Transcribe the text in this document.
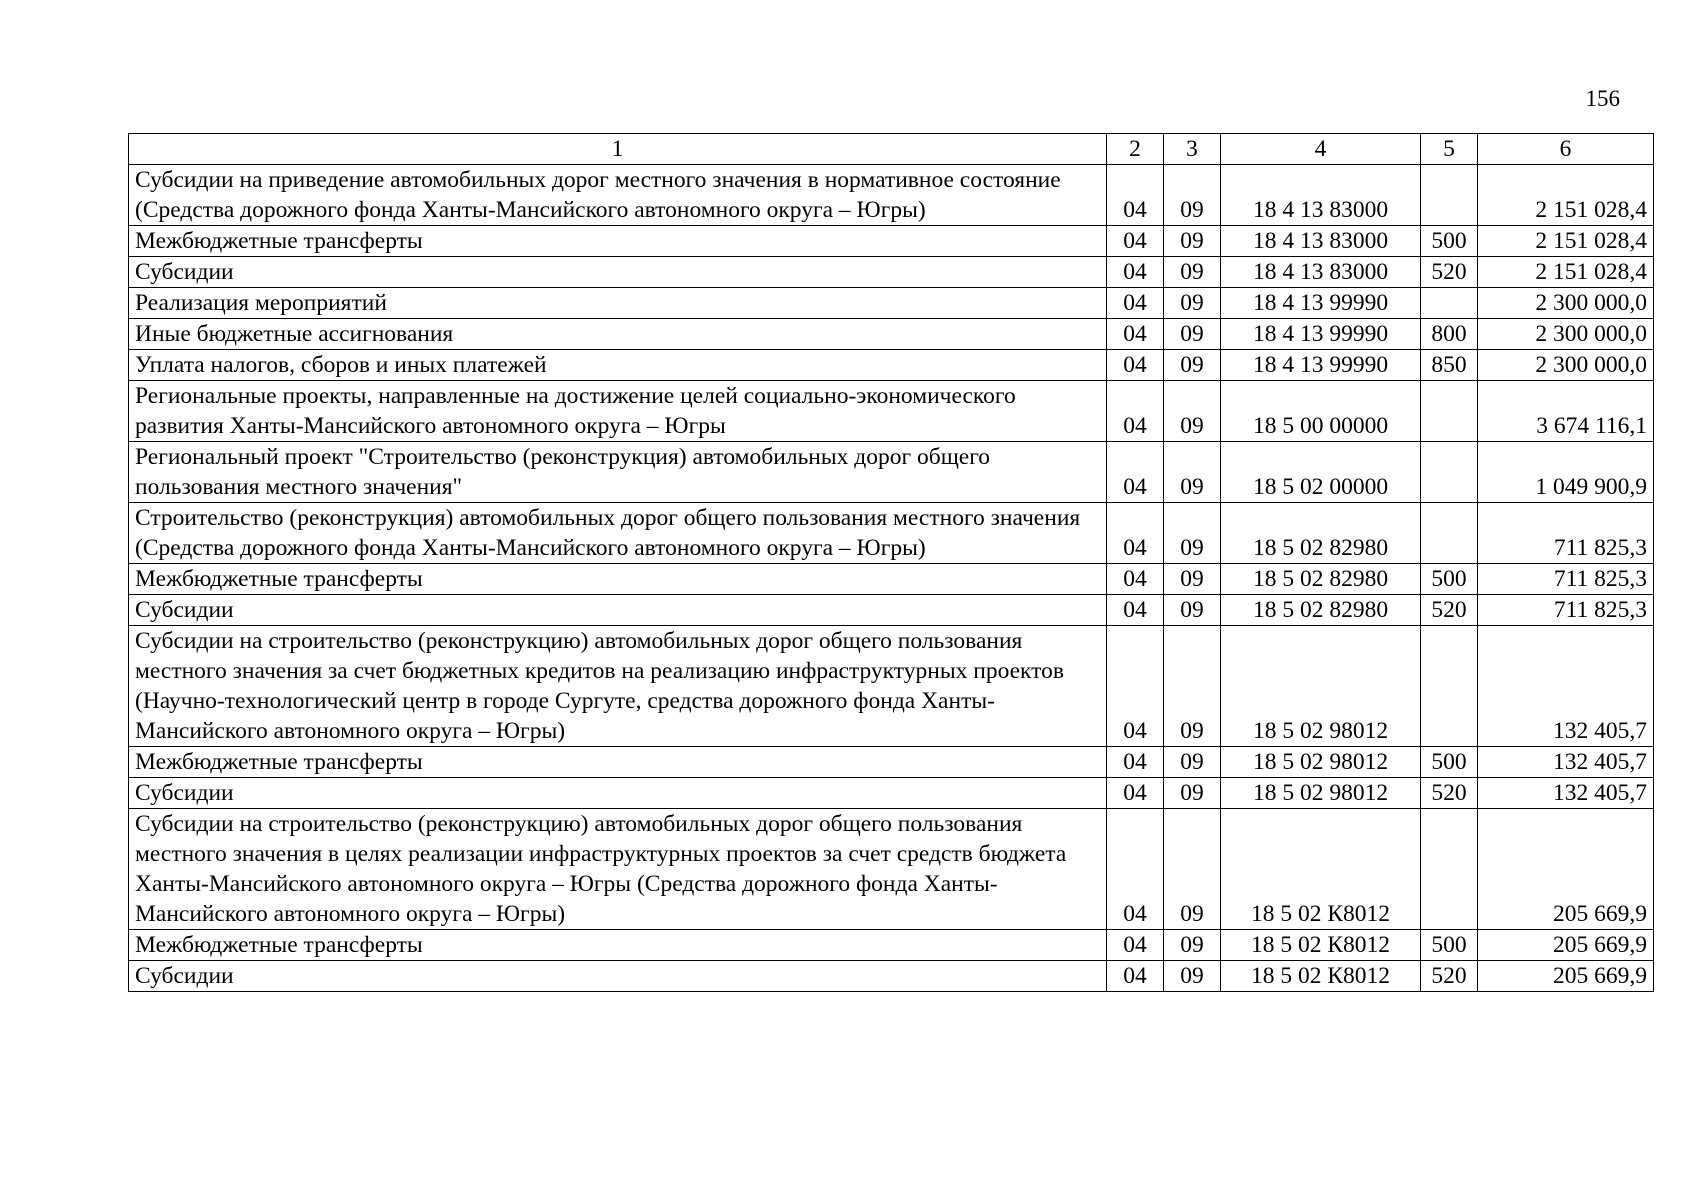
156
1	2	3	4	5	6
Субсидии на приведение автомобильных дорог местного значения в нормативное состояние (Средства дорожного фонда Ханты-Мансийского автономного округа – Югры)	04	09	18 4 13 83000		2 151 028,4
Межбюджетные трансферты	04	09	18 4 13 83000	500	2 151 028,4
Субсидии	04	09	18 4 13 83000	520	2 151 028,4
Реализация мероприятий	04	09	18 4 13 99990		2 300 000,0
Иные бюджетные ассигнования	04	09	18 4 13 99990	800	2 300 000,0
Уплата налогов, сборов и иных платежей	04	09	18 4 13 99990	850	2 300 000,0
Региональные проекты, направленные на достижение целей социально-экономического развития Ханты-Мансийского автономного округа – Югры	04	09	18 5 00 00000		3 674 116,1
Региональный проект "Строительство (реконструкция) автомобильных дорог общего пользования местного значения"	04	09	18 5 02 00000		1 049 900,9
Строительство (реконструкция) автомобильных дорог общего пользования местного значения (Средства дорожного фонда Ханты-Мансийского автономного округа – Югры)	04	09	18 5 02 82980		711 825,3
Межбюджетные трансферты	04	09	18 5 02 82980	500	711 825,3
Субсидии	04	09	18 5 02 82980	520	711 825,3
Субсидии на строительство (реконструкцию) автомобильных дорог общего пользования местного значения за счет бюджетных кредитов на реализацию инфраструктурных проектов (Научно-технологический центр в городе Сургуте, средства дорожного фонда Ханты-Мансийского автономного округа – Югры)	04	09	18 5 02 98012		132 405,7
Межбюджетные трансферты	04	09	18 5 02 98012	500	132 405,7
Субсидии	04	09	18 5 02 98012	520	132 405,7
Субсидии на строительство (реконструкцию) автомобильных дорог общего пользования местного значения в целях реализации инфраструктурных проектов за счет средств бюджета Ханты-Мансийского автономного округа – Югры (Средства дорожного фонда Ханты-Мансийского автономного округа – Югры)	04	09	18 5 02 К8012		205 669,9
Межбюджетные трансферты	04	09	18 5 02 К8012	500	205 669,9
Субсидии	04	09	18 5 02 К8012	520	205 669,9
